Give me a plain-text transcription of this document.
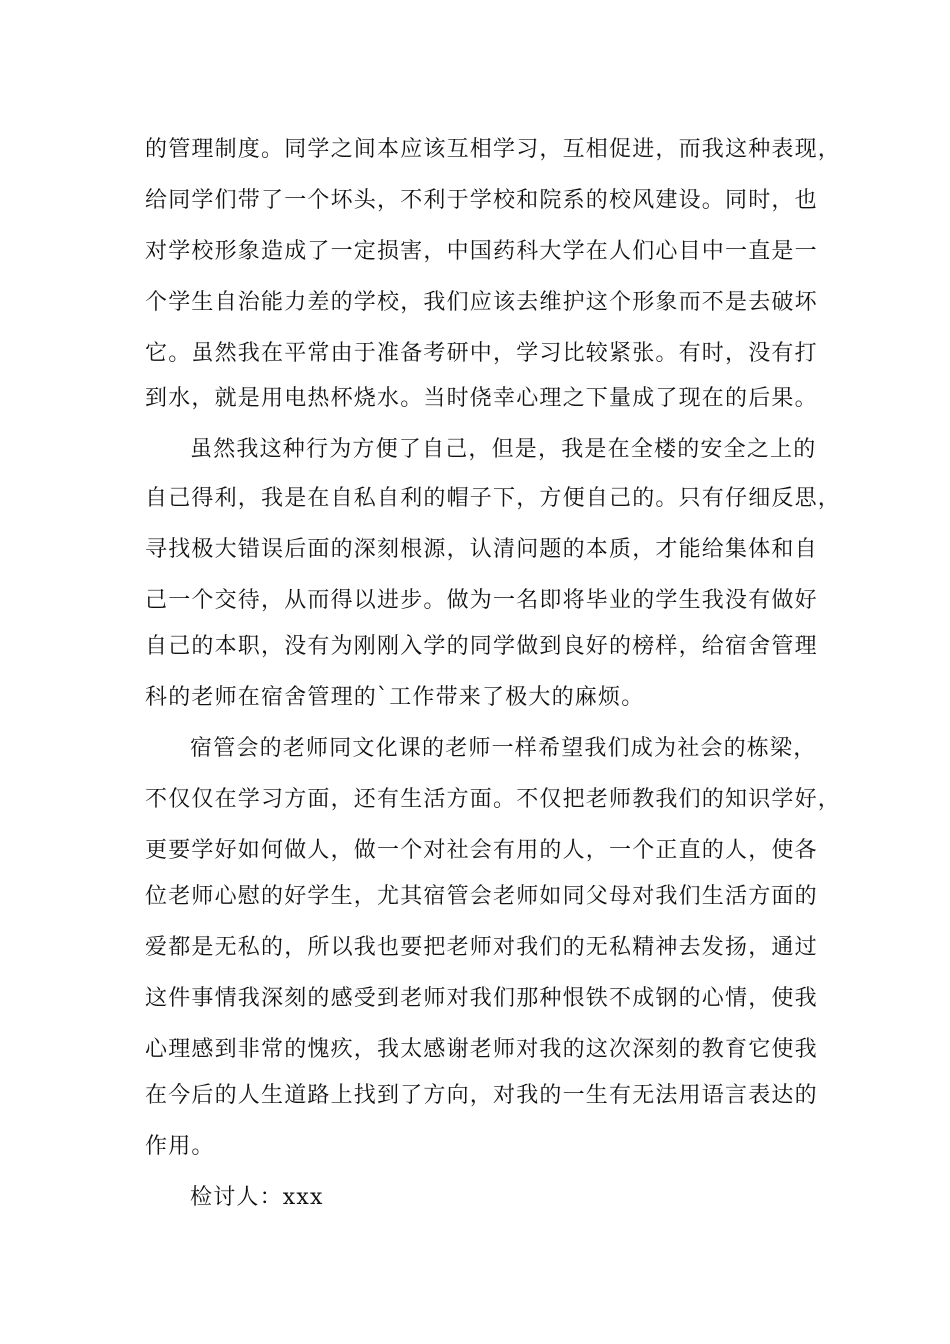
的管理制度。同学之间本应该互相学习，互相促进，而我这种表现，

给同学们带了一个坏头，不利于学校和院系的校风建设。同时，也

对学校形象造成了一定损害，中国药科大学在人们心目中一直是一

个学生自治能力差的学校，我们应该去维护这个形象而不是去破坏

它。虽然我在平常由于准备考研中，学习比较紧张。有时，没有打

到水，就是用电热杯烧水。当时侥幸心理之下量成了现在的后果。

虽然我这种行为方便了自己，但是，我是在全楼的安全之上的

自己得利，我是在自私自利的帽子下，方便自己的。只有仔细反思，

寻找极大错误后面的深刻根源，认清问题的本质，才能给集体和自

己一个交待，从而得以进步。做为一名即将毕业的学生我没有做好

自己的本职，没有为刚刚入学的同学做到良好的榜样，给宿舍管理

科的老师在宿舍管理的`工作带来了极大的麻烦。

宿管会的老师同文化课的老师一样希望我们成为社会的栋梁，

不仅仅在学习方面，还有生活方面。不仅把老师教我们的知识学好，

更要学好如何做人，做一个对社会有用的人，一个正直的人，使各

位老师心慰的好学生，尤其宿管会老师如同父母对我们生活方面的

爱都是无私的，所以我也要把老师对我们的无私精神去发扬，通过

这件事情我深刻的感受到老师对我们那种恨铁不成钢的心情，使我

心理感到非常的愧疚，我太感谢老师对我的这次深刻的教育它使我

在今后的人生道路上找到了方向，对我的一生有无法用语言表达的

作用。

检讨人：xxx
